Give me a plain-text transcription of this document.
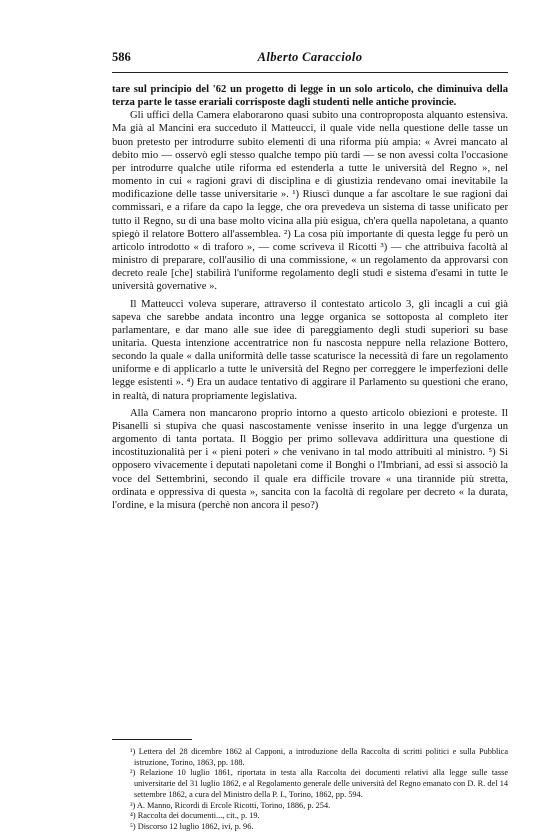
586	Alberto Caracciolo

tare sul principio del '62 un progetto di legge in un solo articolo, che diminuiva della terza parte le tasse erariali corrisposte dagli studenti nelle antiche provincie.

Gli uffici della Camera elaborarono quasi subito una controproposta alquanto estensiva. Ma già al Mancini era succeduto il Matteucci, il quale vide nella questione delle tasse un buon pretesto per introdurre subito elementi di una riforma più ampia: « Avrei mancato al debito mio — osservò egli stesso qualche tempo più tardi — se non avessi colta l'occasione per introdurre qualche utile riforma ed estenderla a tutte le università del Regno », nel momento in cui « ragioni gravi di disciplina e di giustizia rendevano omai inevitabile la modificazione delle tasse universitarie ». ¹) Riuscì dunque a far ascoltare le sue ragioni dai commissari, e a rifare da capo la legge, che ora prevedeva un sistema di tasse unificato per tutto il Regno, su di una base molto vicina alla più esigua, ch'era quella napoletana, a quanto spiegò il relatore Bottero all'assemblea. ²) La cosa più importante di questa legge fu però un articolo introdotto « di traforo », — come scriveva il Ricotti ³) — che attribuiva facoltà al ministro di preparare, coll'ausilio di una commissione, « un regolamento da approvarsi con decreto reale [che] stabilirà l'uniforme regolamento degli studi e sistema d'esami in tutte le università governative ».

Il Matteucci voleva superare, attraverso il contestato articolo 3, gli incagli a cui già sapeva che sarebbe andata incontro una legge organica se sottoposta al completo iter parlamentare, e dar mano alle sue idee di pareggiamento degli studi superiori su base unitaria. Questa intenzione accentratrice non fu nascosta neppure nella relazione Bottero, secondo la quale « dalla uniformità delle tasse scaturisce la necessità di fare un regolamento uniforme e di applicarlo a tutte le università del Regno per correggere le imperfezioni delle legge esistenti ». ⁴) Era un audace tentativo di aggirare il Parlamento su questioni che erano, in realtà, di natura propriamente legislativa.

Alla Camera non mancarono proprio intorno a questo articolo obiezioni e proteste. Il Pisanelli si stupiva che quasi nascostamente venisse inserito in una legge d'urgenza un argomento di tanta portata. Il Boggio per primo sollevava addirittura una questione di incostituzionalità per i « pieni poteri » che venivano in tal modo attribuiti al ministro. ⁵) Si opposero vivacemente i deputati napoletani come il Bonghi o l'Imbriani, ad essi si associò la voce del Settembrini, secondo il quale era difficile trovare « una tirannide più stretta, ordinata e oppressiva di questa », sancita con la facoltà di regolare per decreto « la durata, l'ordine, e la misura (perchè non ancora il peso?)

¹) Lettera del 28 dicembre 1862 al Capponi, a introduzione della Raccolta di scritti politici e sulla Pubblica istruzione, Torino, 1863, pp. 188.

²) Relazione 10 luglio 1861, riportata in testa alla Raccolta dei documenti relativi alla legge sulle tasse universitarie del 31 luglio 1862, e al Regolamento generale delle università del Regno emanato con D. R. del 14 settembre 1862, a cura del Ministro della P. I., Torino, 1862, pp. 594.

³) A. Manno, Ricordi di Ercole Ricotti, Torino, 1886, p. 254.

⁴) Raccolta dei documenti..., cit., p. 19.

⁵) Discorso 12 luglio 1862, ivi, p. 96.
